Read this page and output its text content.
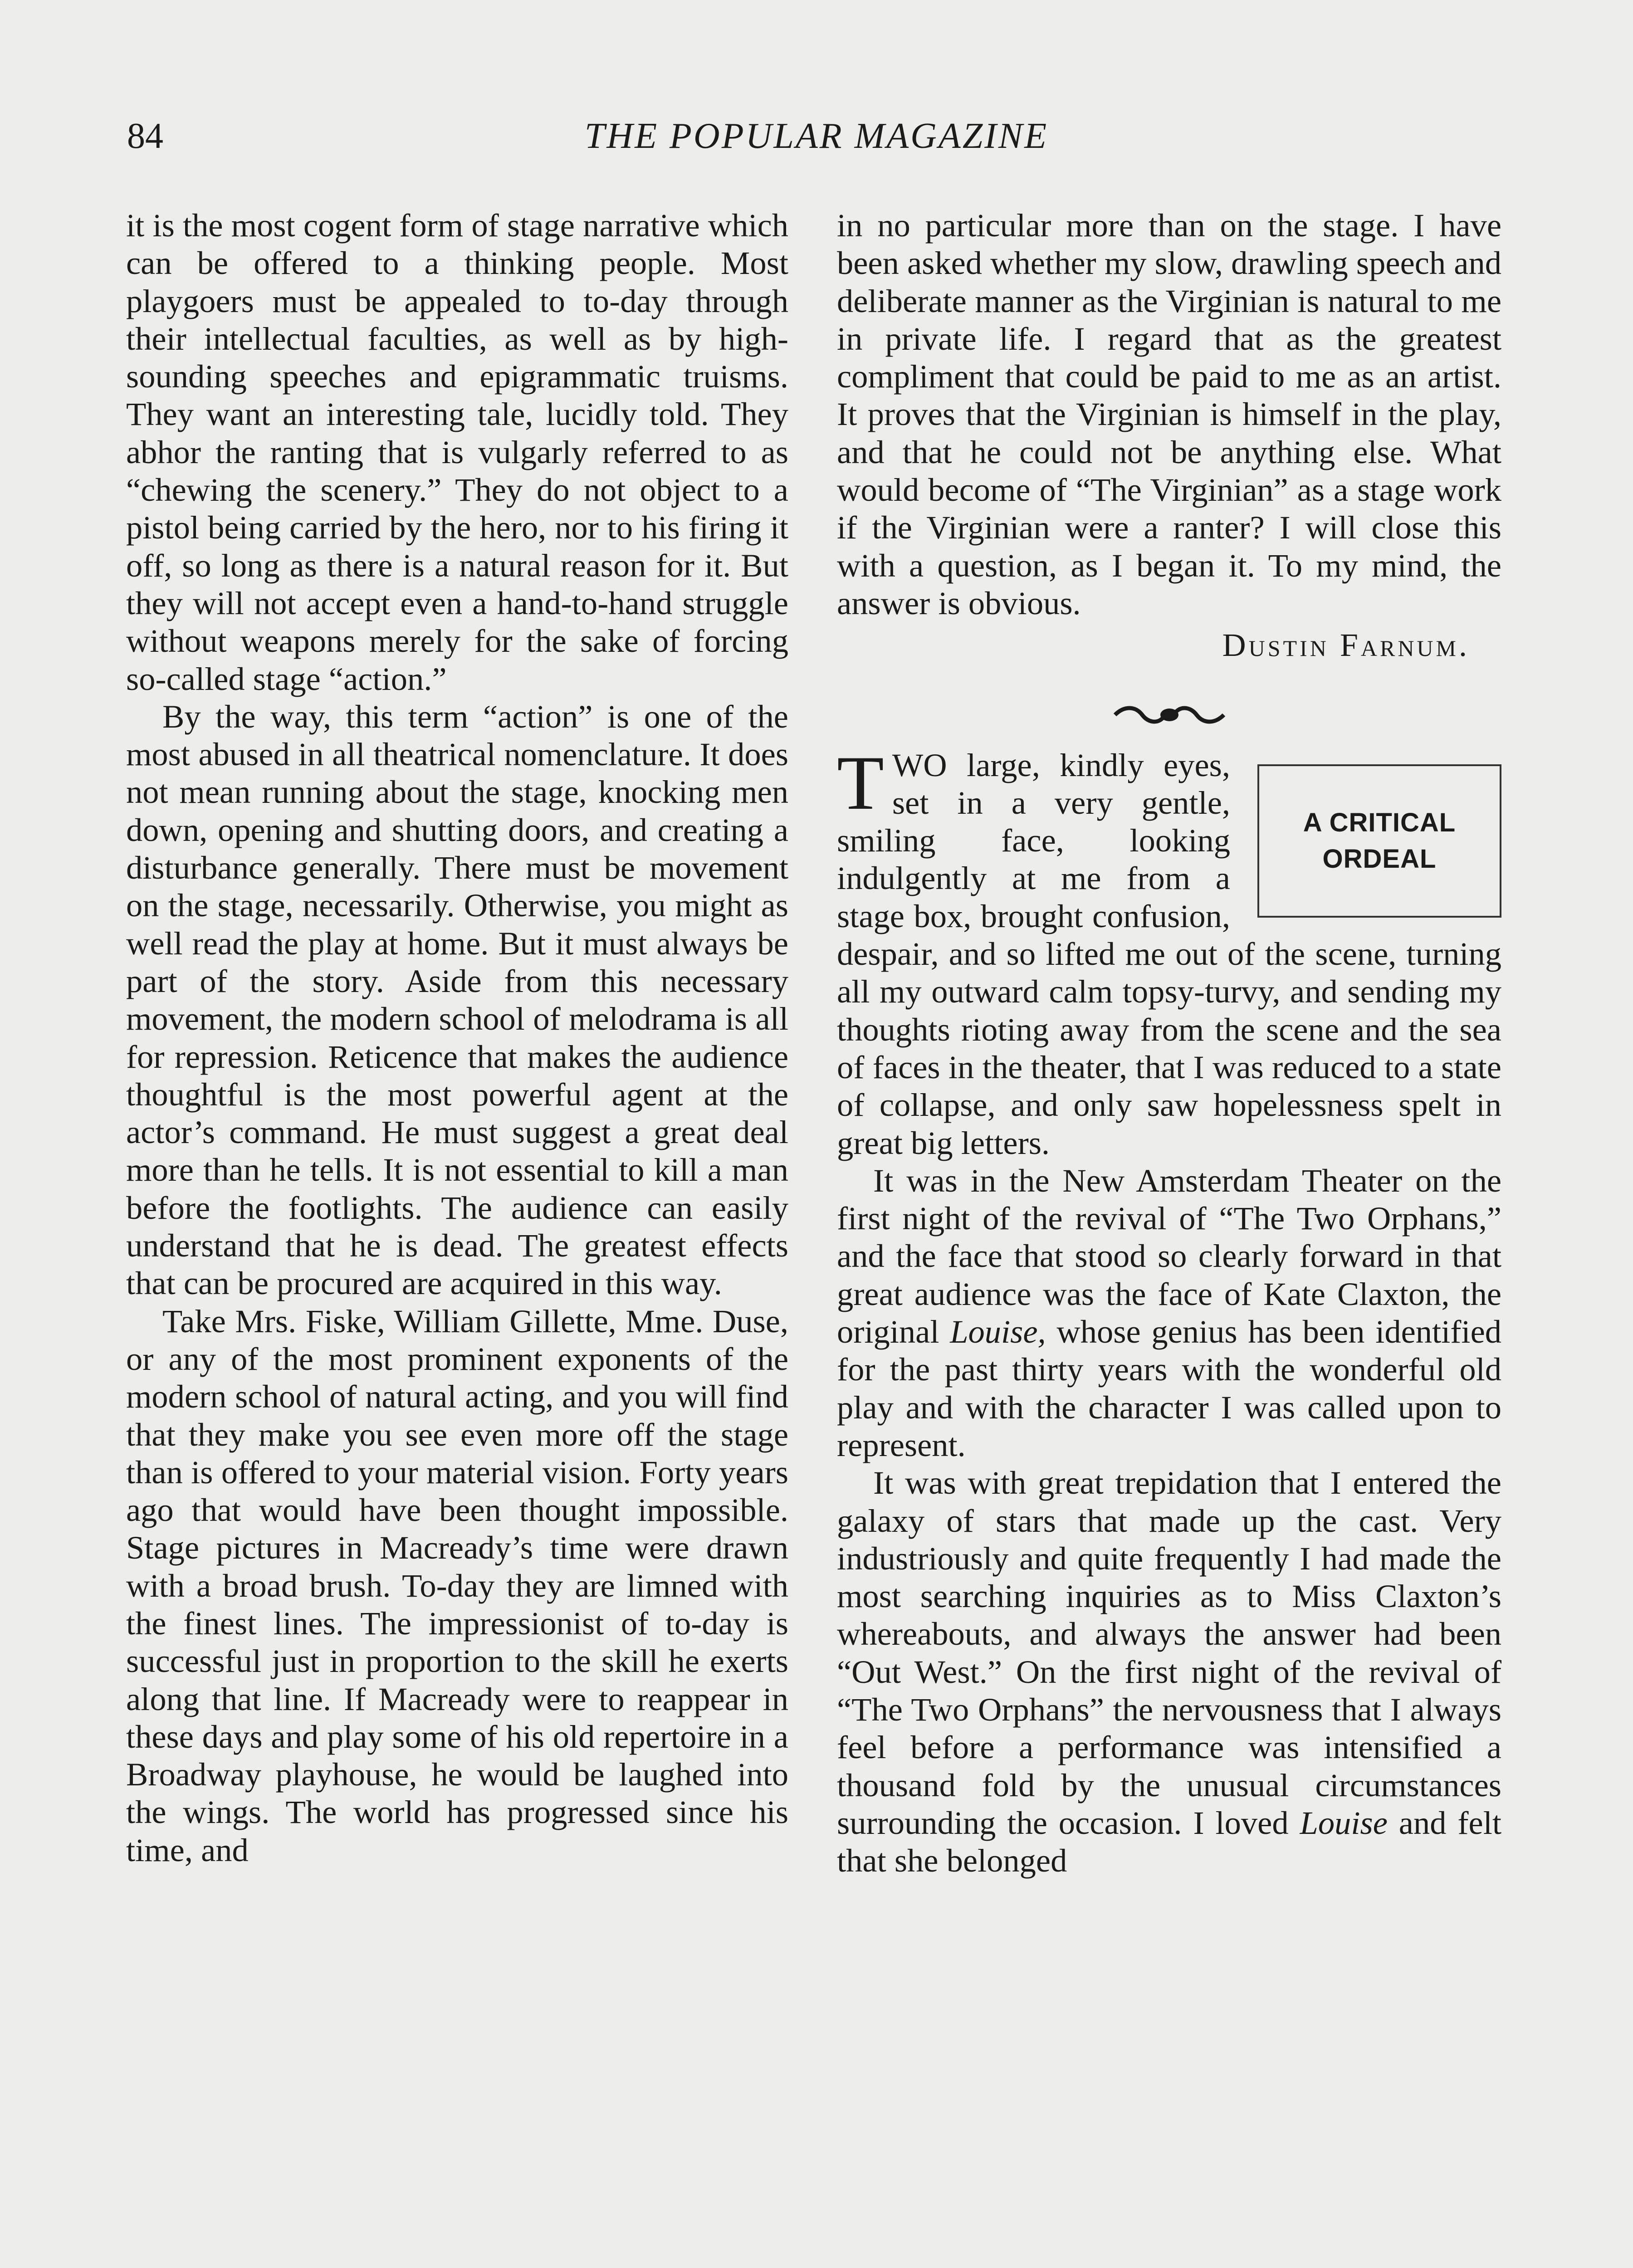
84	THE POPULAR MAGAZINE

it is the most cogent form of stage narrative which can be offered to a thinking people. Most playgoers must be appealed to to-day through their intellectual faculties, as well as by high-sounding speeches and epigrammatic truisms. They want an interesting tale, lucidly told. They abhor the ranting that is vulgarly referred to as “chewing the scenery.” They do not object to a pistol being carried by the hero, nor to his firing it off, so long as there is a natural reason for it. But they will not accept even a hand-to-hand struggle without weapons merely for the sake of forcing so-called stage “action.”

By the way, this term “action” is one of the most abused in all theatrical nomenclature. It does not mean running about the stage, knocking men down, opening and shutting doors, and creating a disturbance generally. There must be movement on the stage, necessarily. Otherwise, you might as well read the play at home. But it must always be part of the story. Aside from this necessary movement, the modern school of melodrama is all for repression. Reticence that makes the audience thoughtful is the most powerful agent at the actor’s command. He must suggest a great deal more than he tells. It is not essential to kill a man before the footlights. The audience can easily understand that he is dead. The greatest effects that can be procured are acquired in this way.

Take Mrs. Fiske, William Gillette, Mme. Duse, or any of the most prominent exponents of the modern school of natural acting, and you will find that they make you see even more off the stage than is offered to your material vision. Forty years ago that would have been thought impossible. Stage pictures in Macready’s time were drawn with a broad brush. To-day they are limned with the finest lines. The impressionist of to-day is successful just in proportion to the skill he exerts along that line. If Macready were to reappear in these days and play some of his old repertoire in a Broadway playhouse, he would be laughed into the wings. The world has progressed since his time, and

in no particular more than on the stage. I have been asked whether my slow, drawling speech and deliberate manner as the Virginian is natural to me in private life. I regard that as the greatest compliment that could be paid to me as an artist. It proves that the Virginian is himself in the play, and that he could not be anything else. What would become of “The Virginian” as a stage work if the Virginian were a ranter? I will close this with a question, as I began it. To my mind, the answer is obvious.

Dustin Farnum.

T	A CRITICAL
ORDEAL
WO large, kindly eyes, set in a very gentle, smiling face, looking indulgently at me from a stage box, brought confusion, despair, and so lifted me out of the scene, turning all my outward calm topsy-turvy, and sending my thoughts rioting away from the scene and the sea of faces in the theater, that I was reduced to a state of collapse, and only saw hopelessness spelt in great big letters.

It was in the New Amsterdam Theater on the first night of the revival of “The Two Orphans,” and the face that stood so clearly forward in that great audience was the face of Kate Claxton, the original Louise, whose genius has been identified for the past thirty years with the wonderful old play and with the character I was called upon to represent.

It was with great trepidation that I entered the galaxy of stars that made up the cast. Very industriously and quite frequently I had made the most searching inquiries as to Miss Claxton’s whereabouts, and always the answer had been “Out West.” On the first night of the revival of “The Two Orphans” the nervousness that I always feel before a performance was intensified a thousand fold by the unusual circumstances surrounding the occasion. I loved Louise and felt that she belonged
